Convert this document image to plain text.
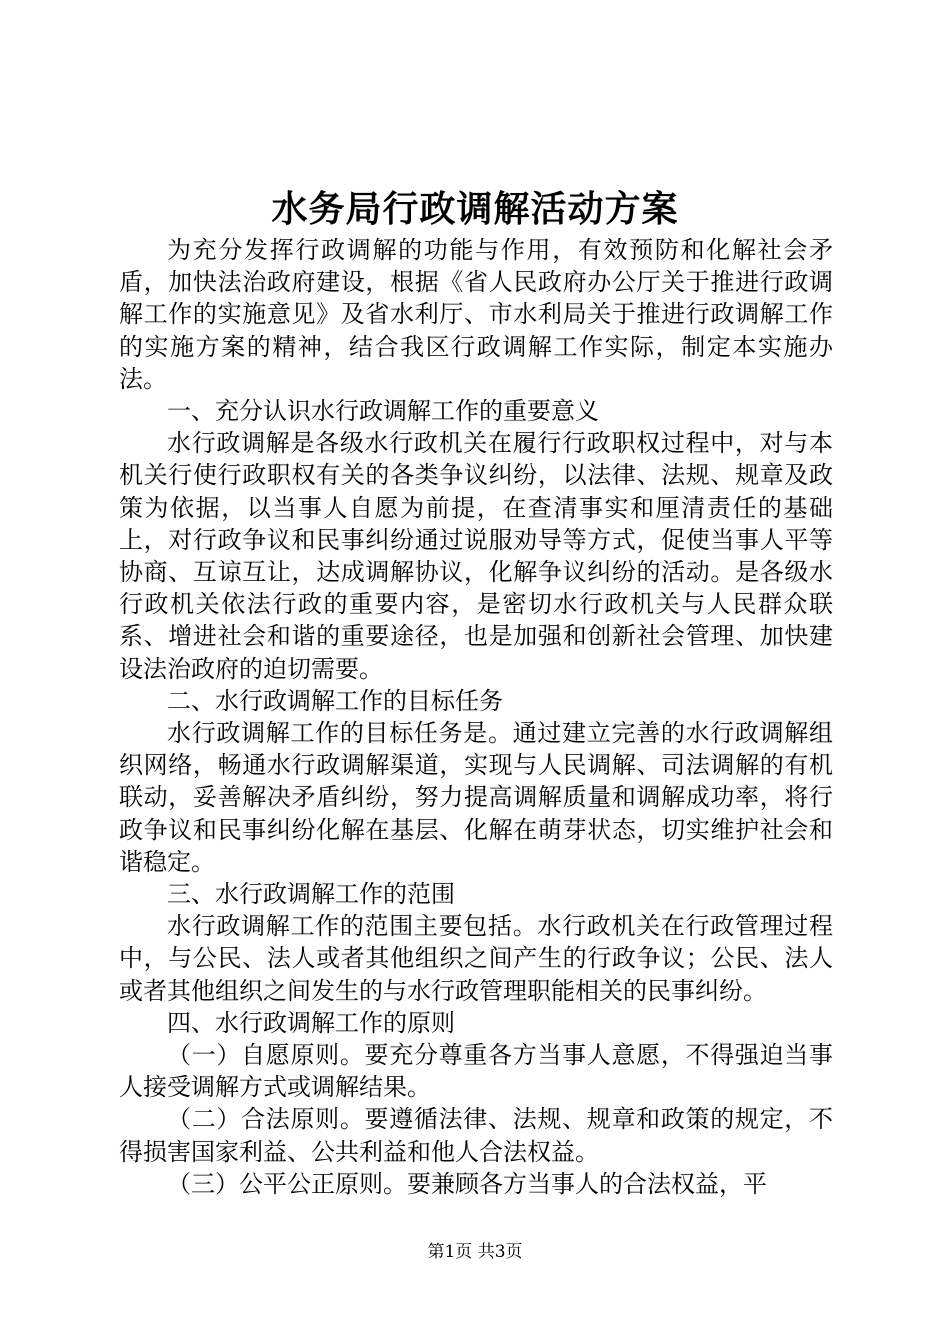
水务局行政调解活动方案

为充分发挥行政调解的功能与作用，有效预防和化解社会矛盾，加快法治政府建设，根据《省人民政府办公厅关于推进行政调解工作的实施意见》及省水利厅、市水利局关于推进行政调解工作的实施方案的精神，结合我区行政调解工作实际，制定本实施办法。

一、充分认识水行政调解工作的重要意义

水行政调解是各级水行政机关在履行行政职权过程中，对与本机关行使行政职权有关的各类争议纠纷，以法律、法规、规章及政策为依据，以当事人自愿为前提，在查清事实和厘清责任的基础上，对行政争议和民事纠纷通过说服劝导等方式，促使当事人平等协商、互谅互让，达成调解协议，化解争议纠纷的活动。是各级水行政机关依法行政的重要内容，是密切水行政机关与人民群众联系、增进社会和谐的重要途径，也是加强和创新社会管理、加快建设法治政府的迫切需要。

二、水行政调解工作的目标任务

水行政调解工作的目标任务是。通过建立完善的水行政调解组织网络，畅通水行政调解渠道，实现与人民调解、司法调解的有机联动，妥善解决矛盾纠纷，努力提高调解质量和调解成功率，将行政争议和民事纠纷化解在基层、化解在萌芽状态，切实维护社会和谐稳定。

三、水行政调解工作的范围

水行政调解工作的范围主要包括。水行政机关在行政管理过程中，与公民、法人或者其他组织之间产生的行政争议；公民、法人或者其他组织之间发生的与水行政管理职能相关的民事纠纷。

四、水行政调解工作的原则

（一）自愿原则。要充分尊重各方当事人意愿，不得强迫当事人接受调解方式或调解结果。

（二）合法原则。要遵循法律、法规、规章和政策的规定，不得损害国家利益、公共利益和他人合法权益。

（三）公平公正原则。要兼顾各方当事人的合法权益，平

第1页 共3页
